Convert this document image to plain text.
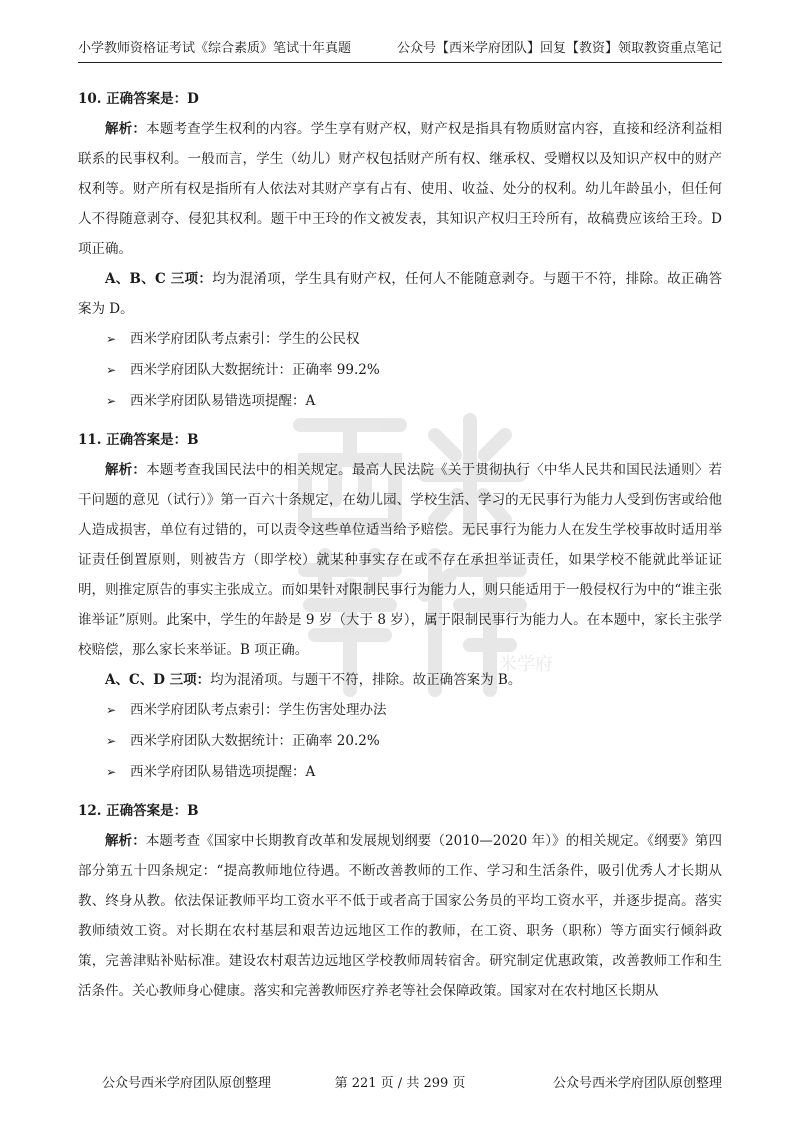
西米学府
小学教师资格证考试《综合素质》笔试十年真题	公众号【西米学府团队】回复【教资】领取教资重点笔记

10. 正确答案是：D

解析：本题考查学生权利的内容。学生享有财产权，财产权是指具有物质财富内容，直接和经济利益相联系的民事权利。一般而言，学生（幼儿）财产权包括财产所有权、继承权、受赠权以及知识产权中的财产权利等。财产所有权是指所有人依法对其财产享有占有、使用、收益、处分的权利。幼儿年龄虽小，但任何人不得随意剥夺、侵犯其权利。题干中王玲的作文被发表，其知识产权归王玲所有，故稿费应该给王玲。D项正确。

A、B、C 三项：均为混淆项，学生具有财产权，任何人不能随意剥夺。与题干不符，排除。故正确答案为 D。

➢ 西米学府团队考点索引：学生的公民权

➢ 西米学府团队大数据统计：正确率 99.2%

➢ 西米学府团队易错选项提醒：A

11. 正确答案是：B

解析：本题考查我国民法中的相关规定。最高人民法院《关于贯彻执行〈中华人民共和国民法通则〉若干问题的意见（试行）》第一百六十条规定，在幼儿园、学校生活、学习的无民事行为能力人受到伤害或给他人造成损害，单位有过错的，可以责令这些单位适当给予赔偿。无民事行为能力人在发生学校事故时适用举证责任倒置原则，则被告方（即学校）就某种事实存在或不存在承担举证责任，如果学校不能就此举证证明，则推定原告的事实主张成立。而如果针对限制民事行为能力人，则只能适用于一般侵权行为中的“谁主张谁举证”原则。此案中，学生的年龄是 9 岁（大于 8 岁），属于限制民事行为能力人。在本题中，家长主张学校赔偿，那么家长来举证。B 项正确。

A、C、D 三项：均为混淆项。与题干不符，排除。故正确答案为 B。

➢ 西米学府团队考点索引：学生伤害处理办法

➢ 西米学府团队大数据统计：正确率 20.2%

➢ 西米学府团队易错选项提醒：A

12. 正确答案是：B

解析：本题考查《国家中长期教育改革和发展规划纲要（2010—2020 年）》的相关规定。《纲要》第四部分第五十四条规定：“提高教师地位待遇。不断改善教师的工作、学习和生活条件，吸引优秀人才长期从教、终身从教。依法保证教师平均工资水平不低于或者高于国家公务员的平均工资水平，并逐步提高。落实教师绩效工资。对长期在农村基层和艰苦边远地区工作的教师，在工资、职务（职称）等方面实行倾斜政策，完善津贴补贴标准。建设农村艰苦边远地区学校教师周转宿舍。研究制定优惠政策，改善教师工作和生活条件。关心教师身心健康。落实和完善教师医疗养老等社会保障政策。国家对在农村地区长期从

公众号西米学府团队原创整理	第 221 页 / 共 299 页	公众号西米学府团队原创整理
